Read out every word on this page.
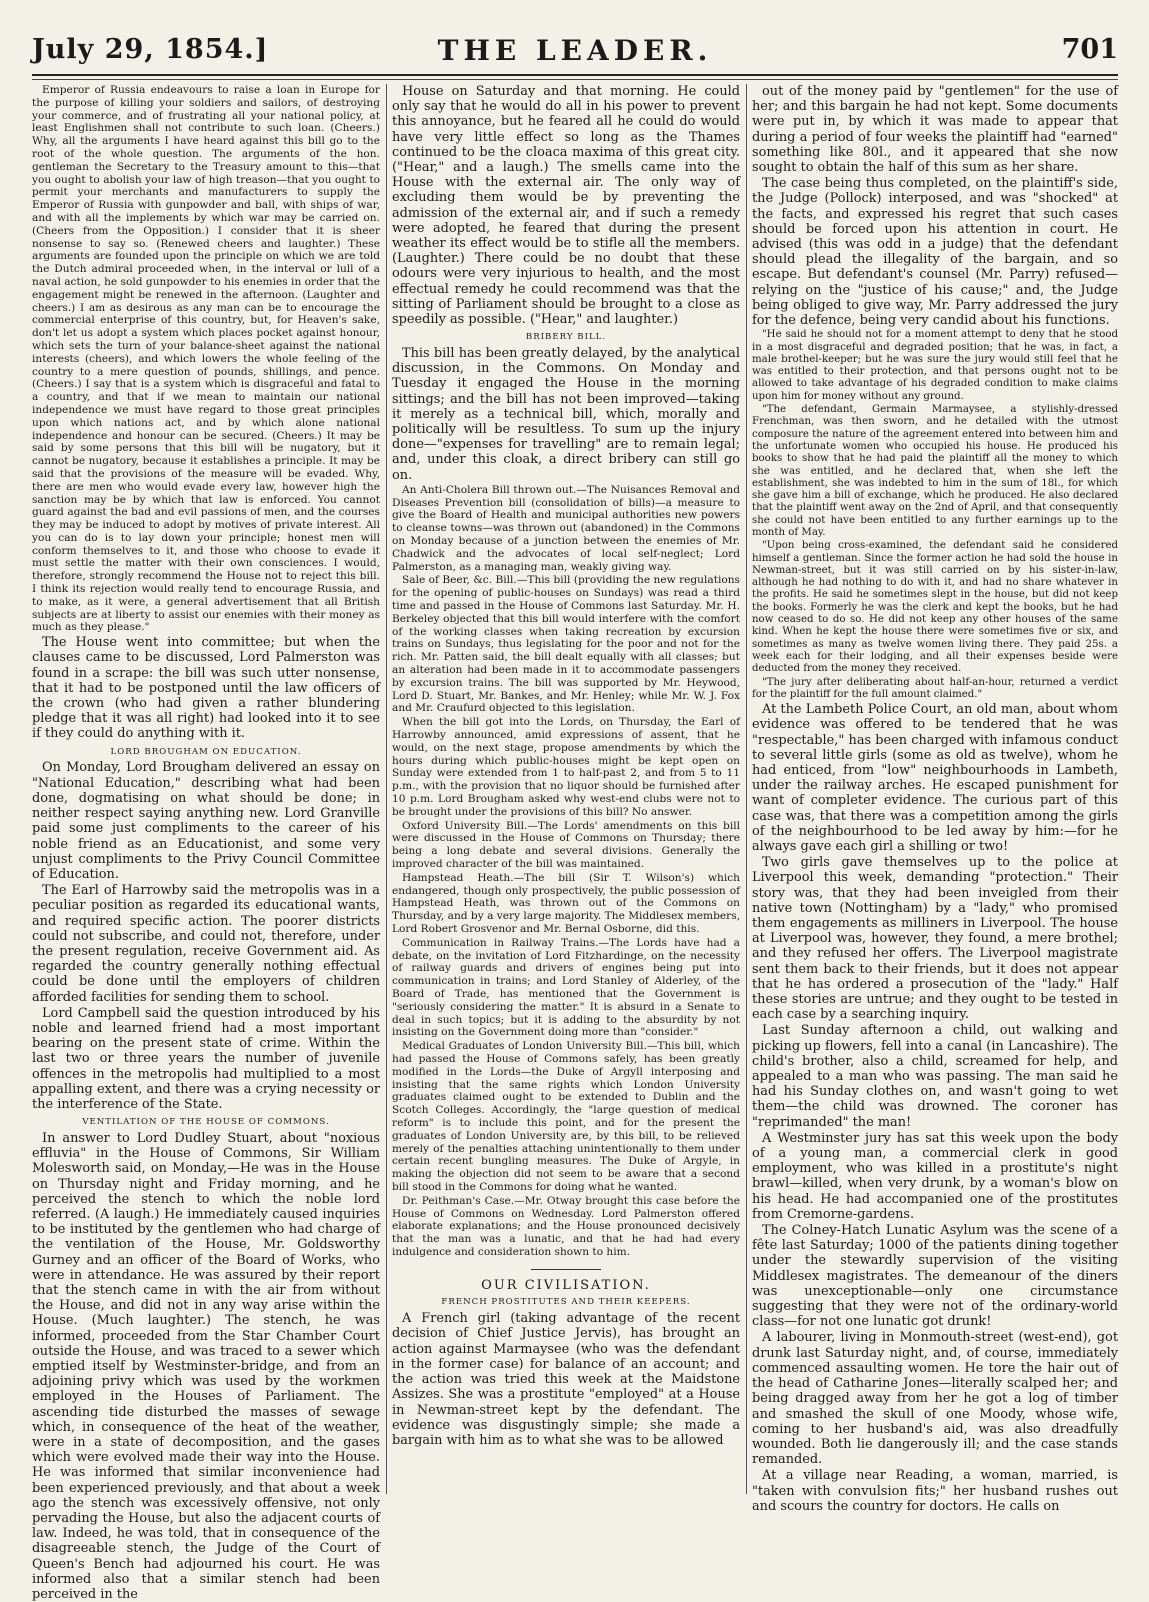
July 29, 1854.]	THE LEADER.	701

Emperor of Russia endeavours to raise a loan in Europe for the purpose of killing your soldiers and sailors, of destroying your commerce, and of frustrating all your national policy, at least Englishmen shall not contribute to such loan. (Cheers.) Why, all the arguments I have heard against this bill go to the root of the whole question. The arguments of the hon. gentleman the Secretary to the Treasury amount to this—that you ought to abolish your law of high treason—that you ought to permit your merchants and manufacturers to supply the Emperor of Russia with gunpowder and ball, with ships of war, and with all the implements by which war may be carried on. (Cheers from the Opposition.) I consider that it is sheer nonsense to say so. (Renewed cheers and laughter.) These arguments are founded upon the principle on which we are told the Dutch admiral proceeded when, in the interval or lull of a naval action, he sold gunpowder to his enemies in order that the engagement might be renewed in the afternoon. (Laughter and cheers.) I am as desirous as any man can be to encourage the commercial enterprise of this country, but, for Heaven's sake, don't let us adopt a system which places pocket against honour, which sets the turn of your balance-sheet against the national interests (cheers), and which lowers the whole feeling of the country to a mere question of pounds, shillings, and pence. (Cheers.) I say that is a system which is disgraceful and fatal to a country, and that if we mean to maintain our national independence we must have regard to those great principles upon which nations act, and by which alone national independence and honour can be secured. (Cheers.) It may be said by some persons that this bill will be nugatory, but it cannot be nugatory, because it establishes a principle. It may be said that the provisions of the measure will be evaded. Why, there are men who would evade every law, however high the sanction may be by which that law is enforced. You cannot guard against the bad and evil passions of men, and the courses they may be induced to adopt by motives of private interest. All you can do is to lay down your principle; honest men will conform themselves to it, and those who choose to evade it must settle the matter with their own consciences. I would, therefore, strongly recommend the House not to reject this bill. I think its rejection would really tend to encourage Russia, and to make, as it were, a general advertisement that all British subjects are at liberty to assist our enemies with their money as much as they please."

The House went into committee; but when the clauses came to be discussed, Lord Palmerston was found in a scrape: the bill was such utter nonsense, that it had to be postponed until the law officers of the crown (who had given a rather blundering pledge that it was all right) had looked into it to see if they could do anything with it.

LORD BROUGHAM ON EDUCATION.

On Monday, Lord Brougham delivered an essay on "National Education," describing what had been done, dogmatising on what should be done; in neither respect saying anything new. Lord Granville paid some just compliments to the career of his noble friend as an Educationist, and some very unjust compliments to the Privy Council Committee of Education.

The Earl of Harrowby said the metropolis was in a peculiar position as regarded its educational wants, and required specific action. The poorer districts could not subscribe, and could not, therefore, under the present regulation, receive Government aid. As regarded the country generally nothing effectual could be done until the employers of children afforded facilities for sending them to school.

Lord Campbell said the question introduced by his noble and learned friend had a most important bearing on the present state of crime. Within the last two or three years the number of juvenile offences in the metropolis had multiplied to a most appalling extent, and there was a crying necessity or the interference of the State.

VENTILATION OF THE HOUSE OF COMMONS.

In answer to Lord Dudley Stuart, about "noxious effluvia" in the House of Commons, Sir William Molesworth said, on Monday,—He was in the House on Thursday night and Friday morning, and he perceived the stench to which the noble lord referred. (A laugh.) He immediately caused inquiries to be instituted by the gentlemen who had charge of the ventilation of the House, Mr. Goldsworthy Gurney and an officer of the Board of Works, who were in attendance. He was assured by their report that the stench came in with the air from without the House, and did not in any way arise within the House. (Much laughter.) The stench, he was informed, proceeded from the Star Chamber Court outside the House, and was traced to a sewer which emptied itself by Westminster-bridge, and from an adjoining privy which was used by the workmen employed in the Houses of Parliament. The ascending tide disturbed the masses of sewage which, in consequence of the heat of the weather, were in a state of decomposition, and the gases which were evolved made their way into the House. He was informed that similar inconvenience had been experienced previously, and that about a week ago the stench was excessively offensive, not only pervading the House, but also the adjacent courts of law. Indeed, he was told, that in consequence of the disagreeable stench, the Judge of the Court of Queen's Bench had adjourned his court. He was informed also that a similar stench had been perceived in the

House on Saturday and that morning. He could only say that he would do all in his power to prevent this annoyance, but he feared all he could do would have very little effect so long as the Thames continued to be the cloaca maxima of this great city. ("Hear," and a laugh.) The smells came into the House with the external air. The only way of excluding them would be by preventing the admission of the external air, and if such a remedy were adopted, he feared that during the present weather its effect would be to stifle all the members. (Laughter.) There could be no doubt that these odours were very injurious to health, and the most effectual remedy he could recommend was that the sitting of Parliament should be brought to a close as speedily as possible. ("Hear," and laughter.)

BRIBERY BILL.

This bill has been greatly delayed, by the analytical discussion, in the Commons. On Monday and Tuesday it engaged the House in the morning sittings; and the bill has not been improved—taking it merely as a technical bill, which, morally and politically will be resultless. To sum up the injury done—"expenses for travelling" are to remain legal; and, under this cloak, a direct bribery can still go on.

An Anti-Cholera Bill thrown out.—The Nuisances Removal and Diseases Prevention bill (consolidation of bills)—a measure to give the Board of Health and municipal authorities new powers to cleanse towns—was thrown out (abandoned) in the Commons on Monday because of a junction between the enemies of Mr. Chadwick and the advocates of local self-neglect; Lord Palmerston, as a managing man, weakly giving way.

Sale of Beer, &c. Bill.—This bill (providing the new regulations for the opening of public-houses on Sundays) was read a third time and passed in the House of Commons last Saturday. Mr. H. Berkeley objected that this bill would interfere with the comfort of the working classes when taking recreation by excursion trains on Sundays, thus legislating for the poor and not for the rich. Mr. Patten said, the bill dealt equally with all classes; but an alteration had been made in it to accommodate passengers by excursion trains. The bill was supported by Mr. Heywood, Lord D. Stuart, Mr. Bankes, and Mr. Henley; while Mr. W. J. Fox and Mr. Craufurd objected to this legislation.

When the bill got into the Lords, on Thursday, the Earl of Harrowby announced, amid expressions of assent, that he would, on the next stage, propose amendments by which the hours during which public-houses might be kept open on Sunday were extended from 1 to half-past 2, and from 5 to 11 p.m., with the provision that no liquor should be furnished after 10 p.m. Lord Brougham asked why west-end clubs were not to be brought under the provisions of this bill? No answer.

Oxford University Bill.—The Lords' amendments on this bill were discussed in the House of Commons on Thursday; there being a long debate and several divisions. Generally the improved character of the bill was maintained.

Hampstead Heath.—The bill (Sir T. Wilson's) which endangered, though only prospectively, the public possession of Hampstead Heath, was thrown out of the Commons on Thursday, and by a very large majority. The Middlesex members, Lord Robert Grosvenor and Mr. Bernal Osborne, did this.

Communication in Railway Trains.—The Lords have had a debate, on the invitation of Lord Fitzhardinge, on the necessity of railway guards and drivers of engines being put into communication in trains; and Lord Stanley of Alderley, of the Board of Trade, has mentioned that the Government is "seriously considering the matter." It is absurd in a Senate to deal in such topics; but it is adding to the absurdity by not insisting on the Government doing more than "consider."

Medical Graduates of London University Bill.—This bill, which had passed the House of Commons safely, has been greatly modified in the Lords—the Duke of Argyll interposing and insisting that the same rights which London University graduates claimed ought to be extended to Dublin and the Scotch Colleges. Accordingly, the "large question of medical reform" is to include this point, and for the present the graduates of London University are, by this bill, to be relieved merely of the penalties attaching unintentionally to them under certain recent bungling measures. The Duke of Argyle, in making the objection did not seem to be aware that a second bill stood in the Commons for doing what he wanted.

Dr. Peithman's Case.—Mr. Otway brought this case before the House of Commons on Wednesday. Lord Palmerston offered elaborate explanations; and the House pronounced decisively that the man was a lunatic, and that he had had every indulgence and consideration shown to him.

OUR CIVILISATION.
FRENCH PROSTITUTES AND THEIR KEEPERS.

A French girl (taking advantage of the recent decision of Chief Justice Jervis), has brought an action against Marmaysee (who was the defendant in the former case) for balance of an account; and the action was tried this week at the Maidstone Assizes. She was a prostitute "employed" at a House in Newman-street kept by the defendant. The evidence was disgustingly simple; she made a bargain with him as to what she was to be allowed

out of the money paid by "gentlemen" for the use of her; and this bargain he had not kept. Some documents were put in, by which it was made to appear that during a period of four weeks the plaintiff had "earned" something like 80l., and it appeared that she now sought to obtain the half of this sum as her share.

The case being thus completed, on the plaintiff's side, the Judge (Pollock) interposed, and was "shocked" at the facts, and expressed his regret that such cases should be forced upon his attention in court. He advised (this was odd in a judge) that the defendant should plead the illegality of the bargain, and so escape. But defendant's counsel (Mr. Parry) refused—relying on the "justice of his cause;" and, the Judge being obliged to give way, Mr. Parry addressed the jury for the defence, being very candid about his functions.

"He said he should not for a moment attempt to deny that he stood in a most disgraceful and degraded position; that he was, in fact, a male brothel-keeper; but he was sure the jury would still feel that he was entitled to their protection, and that persons ought not to be allowed to take advantage of his degraded condition to make claims upon him for money without any ground.

"The defendant, Germain Marmaysee, a stylishly-dressed Frenchman, was then sworn, and he detailed with the utmost composure the nature of the agreement entered into between him and the unfortunate women who occupied his house. He produced his books to show that he had paid the plaintiff all the money to which she was entitled, and he declared that, when she left the establishment, she was indebted to him in the sum of 18l., for which she gave him a bill of exchange, which he produced. He also declared that the plaintiff went away on the 2nd of April, and that consequently she could not have been entitled to any further earnings up to the month of May.

"Upon being cross-examined, the defendant said he considered himself a gentleman. Since the former action he had sold the house in Newman-street, but it was still carried on by his sister-in-law, although he had nothing to do with it, and had no share whatever in the profits. He said he sometimes slept in the house, but did not keep the books. Formerly he was the clerk and kept the books, but he had now ceased to do so. He did not keep any other houses of the same kind. When he kept the house there were sometimes five or six, and sometimes as many as twelve women living there. They paid 25s. a week each for their lodging, and all their expenses beside were deducted from the money they received.

"The jury after deliberating about half-an-hour, returned a verdict for the plaintiff for the full amount claimed."

At the Lambeth Police Court, an old man, about whom evidence was offered to be tendered that he was "respectable," has been charged with infamous conduct to several little girls (some as old as twelve), whom he had enticed, from "low" neighbourhoods in Lambeth, under the railway arches. He escaped punishment for want of completer evidence. The curious part of this case was, that there was a competition among the girls of the neighbourhood to be led away by him:—for he always gave each girl a shilling or two!

Two girls gave themselves up to the police at Liverpool this week, demanding "protection." Their story was, that they had been inveigled from their native town (Nottingham) by a "lady," who promised them engagements as milliners in Liverpool. The house at Liverpool was, however, they found, a mere brothel; and they refused her offers. The Liverpool magistrate sent them back to their friends, but it does not appear that he has ordered a prosecution of the "lady." Half these stories are untrue; and they ought to be tested in each case by a searching inquiry.

Last Sunday afternoon a child, out walking and picking up flowers, fell into a canal (in Lancashire). The child's brother, also a child, screamed for help, and appealed to a man who was passing. The man said he had his Sunday clothes on, and wasn't going to wet them—the child was drowned. The coroner has "reprimanded" the man!

A Westminster jury has sat this week upon the body of a young man, a commercial clerk in good employment, who was killed in a prostitute's night brawl—killed, when very drunk, by a woman's blow on his head. He had accompanied one of the prostitutes from Cremorne-gardens.

The Colney-Hatch Lunatic Asylum was the scene of a fête last Saturday; 1000 of the patients dining together under the stewardly supervision of the visiting Middlesex magistrates. The demeanour of the diners was unexceptionable—only one circumstance suggesting that they were not of the ordinary-world class—for not one lunatic got drunk!

A labourer, living in Monmouth-street (west-end), got drunk last Saturday night, and, of course, immediately commenced assaulting women. He tore the hair out of the head of Catharine Jones—literally scalped her; and being dragged away from her he got a log of timber and smashed the skull of one Moody, whose wife, coming to her husband's aid, was also dreadfully wounded. Both lie dangerously ill; and the case stands remanded.

At a village near Reading, a woman, married, is "taken with convulsion fits;" her husband rushes out and scours the country for doctors. He calls on
